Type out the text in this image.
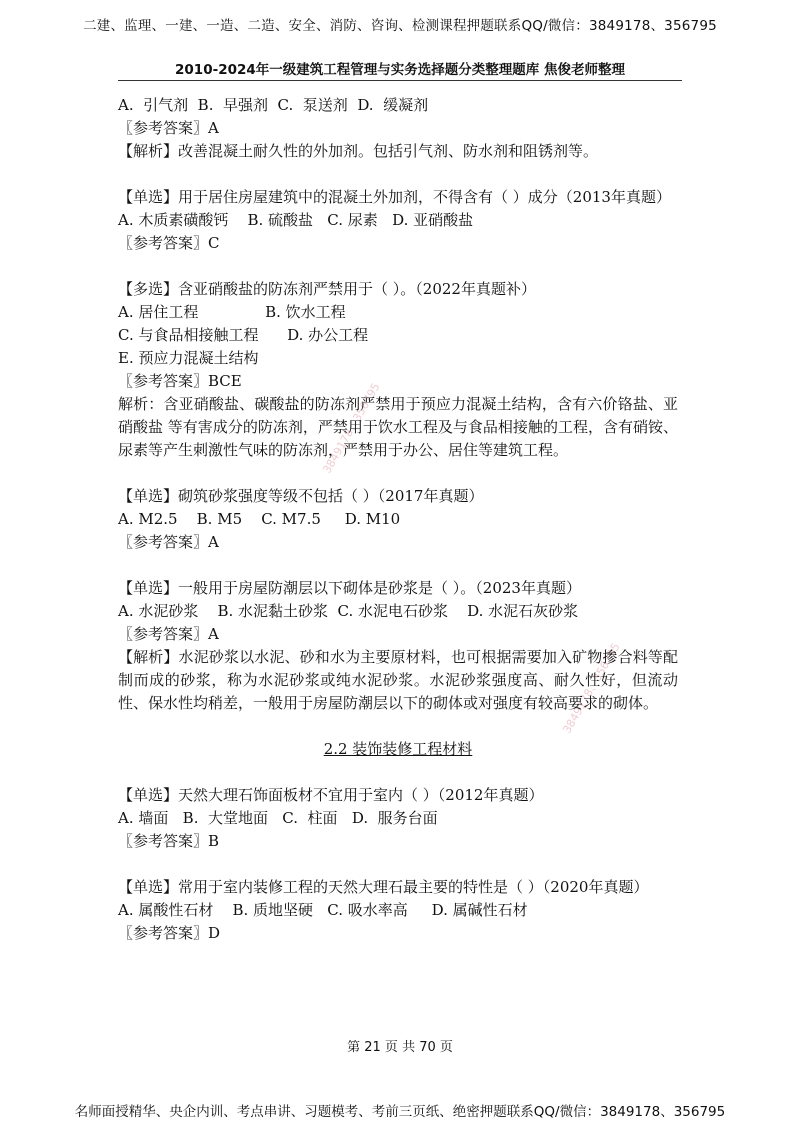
二建、监理、一建、一造、二造、安全、消防、咨询、检测课程押题联系QQ/微信：3849178、356795
2010-2024年一级建筑工程管理与实务选择题分类整理题库 焦俊老师整理
3849178、356795
3849178、356795
A.  引气剂  B.  早强剂  C.  泵送剂  D.  缓凝剂
〖参考答案〗A
【解析】改善混凝土耐久性的外加剂。包括引气剂、防水剂和阻锈剂等。
【单选】用于居住房屋建筑中的混凝土外加剂，不得含有（ ）成分（2013年真题）
A. 木质素磺酸钙    B. 硫酸盐   C. 尿素   D. 亚硝酸盐
〖参考答案〗C
【多选】含亚硝酸盐的防冻剂严禁用于（ ）。（2022年真题补）
A. 居住工程              B. 饮水工程
C. 与食品相接触工程      D. 办公工程
E. 预应力混凝土结构
〖参考答案〗BCE
解析：含亚硝酸盐、碳酸盐的防冻剂严禁用于预应力混凝土结构，含有六价铬盐、亚硝酸盐 等有害成分的防冻剂，严禁用于饮水工程及与食品相接触的工程，含有硝铵、尿素等产生刺激性气味的防冻剂，严禁用于办公、居住等建筑工程。
【单选】砌筑砂浆强度等级不包括（ ）（2017年真题）
A. M2.5    B. M5    C. M7.5     D. M10
〖参考答案〗A
【单选】一般用于房屋防潮层以下砌体是砂浆是（ ）。（2023年真题）
A. 水泥砂浆    B. 水泥黏土砂浆  C. 水泥电石砂浆    D. 水泥石灰砂浆
〖参考答案〗A
【解析】水泥砂浆以水泥、砂和水为主要原材料，也可根据需要加入矿物掺合料等配制而成的砂浆，称为水泥砂浆或纯水泥砂浆。水泥砂浆强度高、耐久性好，但流动性、保水性均稍差，一般用于房屋防潮层以下的砌体或对强度有较高要求的砌体。
2.2 装饰装修工程材料
【单选】天然大理石饰面板材不宜用于室内（ ）（2012年真题）
A. 墙面   B.  大堂地面   C.  柱面   D.  服务台面
〖参考答案〗B
【单选】常用于室内装修工程的天然大理石最主要的特性是（ ）（2020年真题）
A. 属酸性石材    B. 质地坚硬   C. 吸水率高     D. 属碱性石材
〖参考答案〗D
第 21 页 共 70 页
名师面授精华、央企内训、考点串讲、习题模考、考前三页纸、绝密押题联系QQ/微信：3849178、356795
